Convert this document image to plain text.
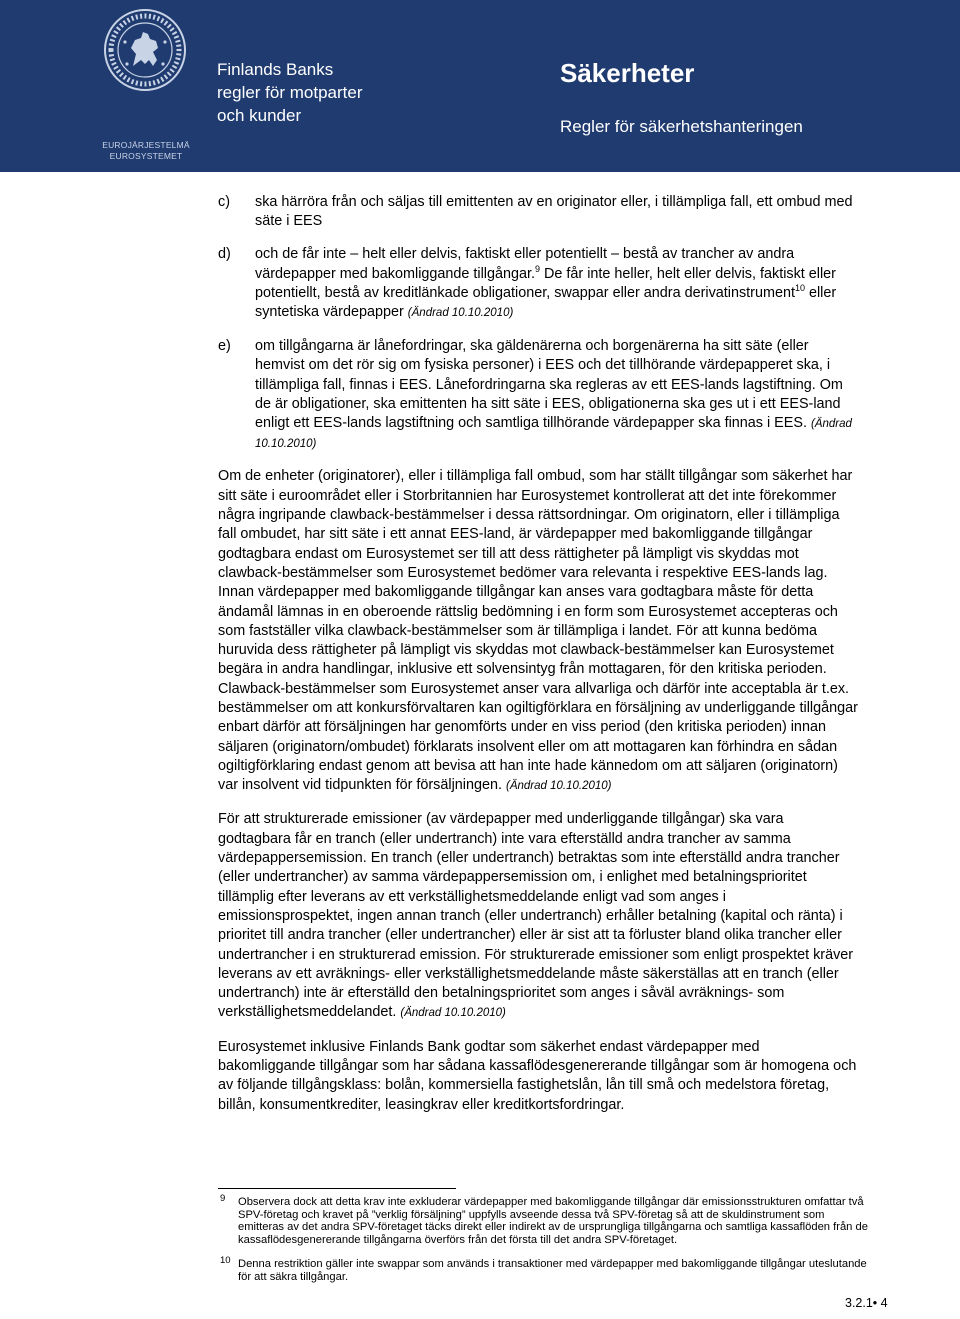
EUROJÄRJESTELMÄ
EUROSYSTEMET
Finlands Banks
regler för motparter
och kunder
Säkerheter
Regler för säkerhetshanteringen
c) ska härröra från och säljas till emittenten av en originator eller, i tillämpliga fall, ett ombud med säte i EES
d) och de får inte – helt eller delvis, faktiskt eller potentiellt – bestå av trancher av andra värdepapper med bakomliggande tillgångar.$^9$ De får inte heller, helt eller delvis, faktiskt eller potentiellt, bestå av kreditlänkade obligationer, swappar eller andra derivatinstrument$^{10}$ eller syntetiska värdepapper (Ändrad 10.10.2010)
e) om tillgångarna är lånefordringar, ska gäldenärerna och borgenärerna ha sitt säte (eller hemvist om det rör sig om fysiska personer) i EES och det tillhörande värdepapperet ska, i tillämpliga fall, finnas i EES. Lånefordringarna ska regleras av ett EES-lands lagstiftning. Om de är obligationer, ska emittenten ha sitt säte i EES, obligationerna ska ges ut i ett EES-land enligt ett EES-lands lagstiftning och samtliga tillhörande värdepapper ska finnas i EES. (Ändrad 10.10.2010)
Om de enheter (originatorer), eller i tillämpliga fall ombud, som har ställt tillgångar som säkerhet har sitt säte i euroområdet eller i Storbritannien har Eurosystemet kontrollerat att det inte förekommer några ingripande clawback-bestämmelser i dessa rättsordningar. Om originatorn, eller i tillämpliga fall ombudet, har sitt säte i ett annat EES-land, är värdepapper med bakomliggande tillgångar godtagbara endast om Eurosystemet ser till att dess rättigheter på lämpligt vis skyddas mot clawback-bestämmelser som Eurosystemet bedömer vara relevanta i respektive EES-lands lag. Innan värdepapper med bakomliggande tillgångar kan anses vara godtagbara måste för detta ändamål lämnas in en oberoende rättslig bedömning i en form som Eurosystemet accepteras och som fastställer vilka clawback-bestämmelser som är tillämpliga i landet. För att kunna bedöma huruvida dess rättigheter på lämpligt vis skyddas mot clawback-bestämmelser kan Eurosystemet begära in andra handlingar, inklusive ett solvensintyg från mottagaren, för den kritiska perioden. Clawback-bestämmelser som Eurosystemet anser vara allvarliga och därför inte acceptabla är t.ex. bestämmelser om att konkursförvaltaren kan ogiltigförklara en försäljning av underliggande tillgångar enbart därför att försäljningen har genomförts under en viss period (den kritiska perioden) innan säljaren (originatorn/ombudet) förklarats insolvent eller om att mottagaren kan förhindra en sådan ogiltigförklaring endast genom att bevisa att han inte hade kännedom om att säljaren (originatorn) var insolvent vid tidpunkten för försäljningen. (Ändrad 10.10.2010)
För att strukturerade emissioner (av värdepapper med underliggande tillgångar) ska vara godtagbara får en tranch (eller undertranch) inte vara efterställd andra trancher av samma värdepappersemission. En tranch (eller undertranch) betraktas som inte efterställd andra trancher (eller undertrancher) av samma värdepappersemission om, i enlighet med betalningsprioritet tillämplig efter leverans av ett verkställighetsmeddelande enligt vad som anges i emissionsprospektet, ingen annan tranch (eller undertranch) erhåller betalning (kapital och ränta) i prioritet till andra trancher (eller undertrancher) eller är sist att ta förluster bland olika trancher eller undertrancher i en strukturerad emission. För strukturerade emissioner som enligt prospektet kräver leverans av ett avräknings- eller verkställighetsmeddelande måste säkerställas att en tranch (eller undertranch) inte är efterställd den betalningsprioritet som anges i såväl avräknings- som verkställighetsmeddelandet. (Ändrad 10.10.2010)
Eurosystemet inklusive Finlands Bank godtar som säkerhet endast värdepapper med bakomliggande tillgångar som har sådana kassaflödesgenererande tillgångar som är homogena och av följande tillgångsklass: bolån, kommersiella fastighetslån, lån till små och medelstora företag, billån, konsumentkrediter, leasingkrav eller kreditkortsfordringar.
9 Observera dock att detta krav inte exkluderar värdepapper med bakomliggande tillgångar där emissionsstrukturen omfattar två SPV-företag och kravet på ”verklig försäljning” uppfylls avseende dessa två SPV-företag så att de skuldinstrument som emitteras av det andra SPV-företaget täcks direkt eller indirekt av de ursprungliga tillgångarna och samtliga kassaflöden från de kassaflödesgenererande tillgångarna överförs från det första till det andra SPV-företaget.
10 Denna restriktion gäller inte swappar som används i transaktioner med värdepapper med bakomliggande tillgångar uteslutande för att säkra tillgångar.
3.2.1• 4
